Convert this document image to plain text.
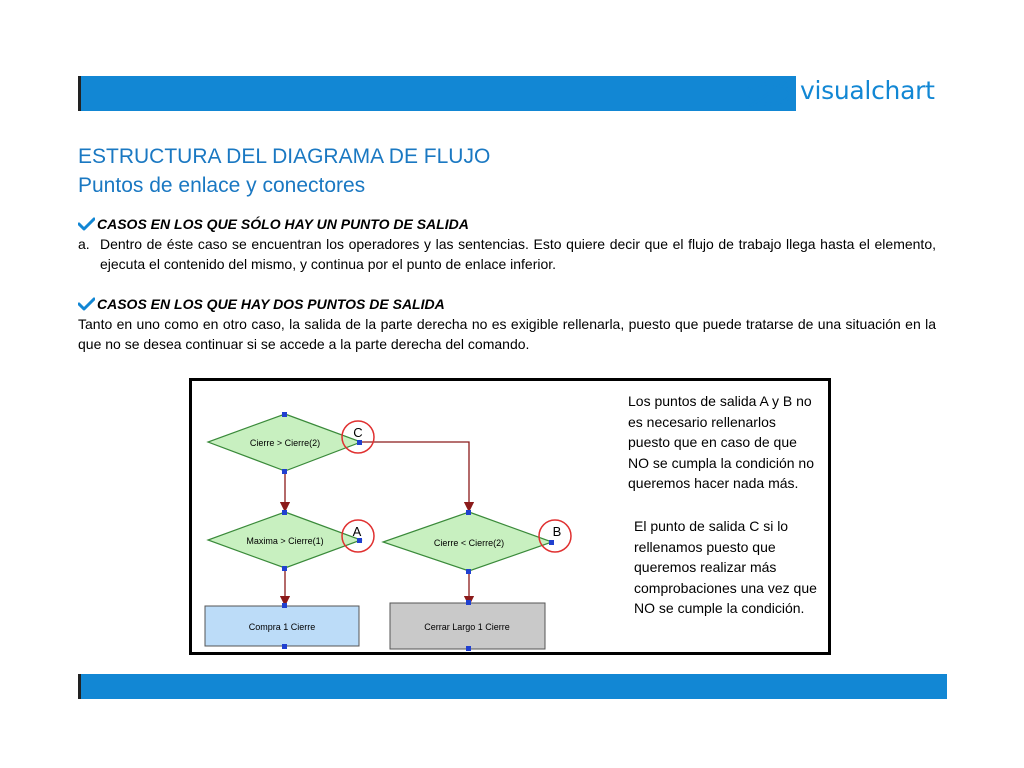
visualchart
ESTRUCTURA DEL DIAGRAMA DE FLUJO
Puntos de enlace y conectores
CASOS EN LOS QUE SÓLO HAY UN PUNTO DE SALIDA
a. Dentro de éste caso se encuentran los operadores y las sentencias. Esto quiere decir que el flujo de trabajo llega hasta el elemento, ejecuta el contenido del mismo, y continua por el punto de enlace inferior.
CASOS EN LOS QUE HAY DOS PUNTOS DE SALIDA
Tanto en uno como en otro caso, la salida de la parte derecha no es exigible rellenarla, puesto que puede tratarse de una situación en la que no se desea continuar si se accede a la parte derecha del comando.
Cierre > Cierre(2)
Maxima > Cierre(1)	Cierre < Cierre(2)
Compra 1 Cierre	Cerrar Largo 1 Cierre
C
A	B
Los puntos de salida A y B no
es necesario rellenarlos
puesto que en caso de que
NO se cumpla la condición no
queremos hacer nada más.
El punto de salida C si lo
rellenamos puesto que
queremos realizar más
comprobaciones una vez que
NO se cumple la condición.
